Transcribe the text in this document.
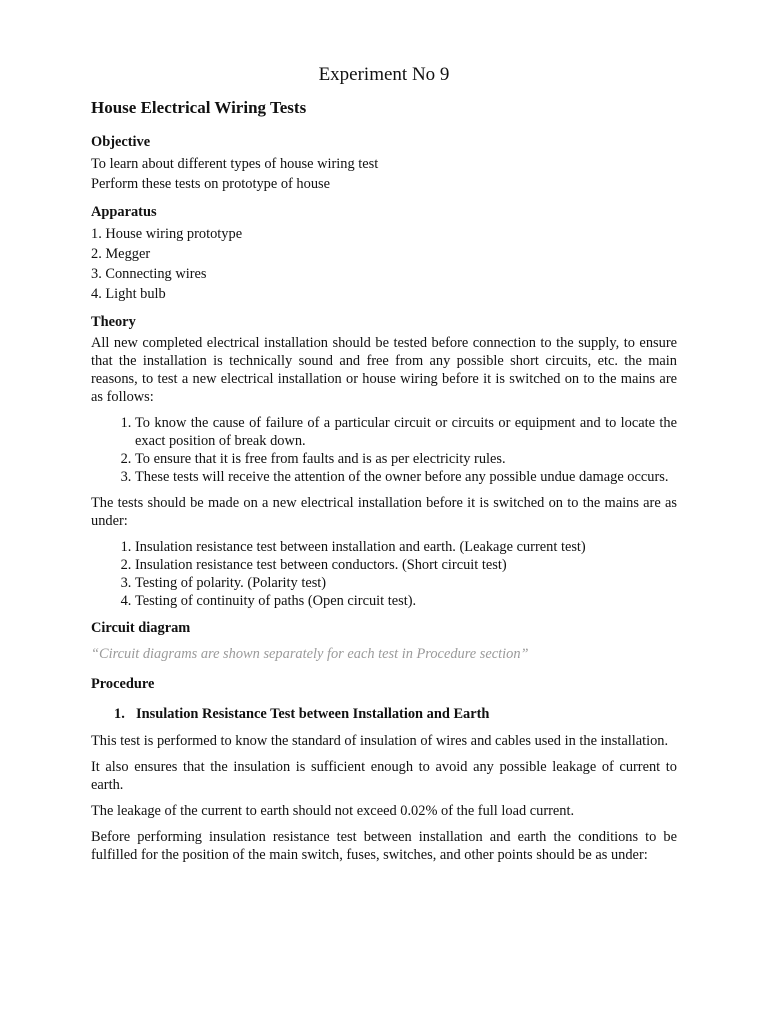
Experiment No 9
House Electrical Wiring Tests
Objective

To learn about different types of house wiring test

Perform these tests on prototype of house

Apparatus

1. House wiring prototype

2. Megger

3. Connecting wires

4. Light bulb

Theory

All new completed electrical installation should be tested before connection to the supply, to ensure that the installation is technically sound and free from any possible short circuits, etc. the main reasons, to test a new electrical installation or house wiring before it is switched on to the mains are as follows:

1. To know the cause of failure of a particular circuit or circuits or equipment and to locate the exact position of break down.
2. To ensure that it is free from faults and is as per electricity rules.
3. These tests will receive the attention of the owner before any possible undue damage occurs.

The tests should be made on a new electrical installation before it is switched on to the mains are as under:

1. Insulation resistance test between installation and earth. (Leakage current test)
2. Insulation resistance test between conductors. (Short circuit test)
3. Testing of polarity. (Polarity test)
4. Testing of continuity of paths (Open circuit test).
Circuit diagram

“Circuit diagrams are shown separately for each test in Procedure section”

Procedure
1. Insulation Resistance Test between Installation and Earth

This test is performed to know the standard of insulation of wires and cables used in the installation.

It also ensures that the insulation is sufficient enough to avoid any possible leakage of current to earth.

The leakage of the current to earth should not exceed 0.02% of the full load current.

Before performing insulation resistance test between installation and earth the conditions to be fulfilled for the position of the main switch, fuses, switches, and other points should be as under:
